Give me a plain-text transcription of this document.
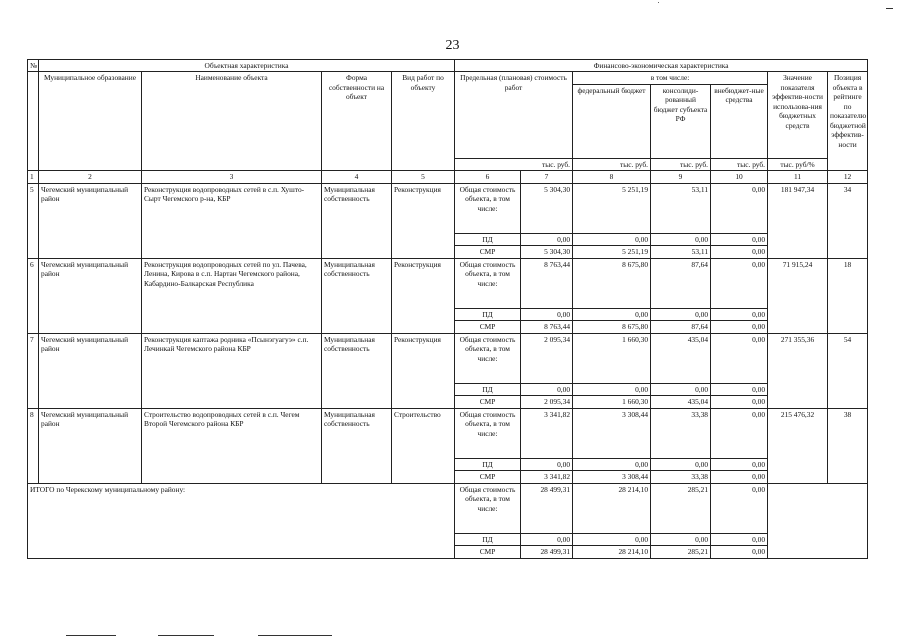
23
№	Объектная характеристика				Финансово-экономическая характеристика						
	Муниципальное образование	Наименование объекта	Форма собственности на объект	Вид работ по объекту	Предельная (плановая) стоимость работ		в том числе:			Значение показателя эффектив-ности использова-ния бюджетных средств	Позиция объекта в рейтинге по показателю бюджетной эффектив-ности
							федеральный бюджет	консолиди-рованный бюджет субъекта РФ	внебюджет-ные средства		
					тыс. руб.		тыс. руб.	тыс. руб.	тыс. руб.	тыс. руб/%	
1	2	3	4	5	6	7	8	9	10	11	12
5	Чегемский муниципальный район	Реконструкция водопроводных сетей в с.п. Хушто-Сырт Чегемского р-на, КБР	Муниципальная собственность	Реконструкция	Общая стоимость объекта, в том числе:	5 304,30	5 251,19	53,11	0,00	181 947,34	34
					ПД	0,00	0,00	0,00	0,00		
					СМР	5 304,30	5 251,19	53,11	0,00		
6	Чегемский муниципальный район	Реконструкция водопроводных сетей по ул. Пачева, Ленина, Кирова в с.п. Нартан Чегемского района, Кабардино-Балкарская Республика	Муниципальная собственность	Реконструкция	Общая стоимость объекта, в том числе:	8 763,44	8 675,80	87,64	0,00	71 915,24	18
					ПД	0,00	0,00	0,00	0,00		
					СМР	8 763,44	8 675,80	87,64	0,00		
7	Чегемский муниципальный район	Реконструкция каптажа родника «Псынэгуагуэ» с.п. Лечинкай Чегемского района КБР	Муниципальная собственность	Реконструкция	Общая стоимость объекта, в том числе:	2 095,34	1 660,30	435,04	0,00	271 355,36	54
					ПД	0,00	0,00	0,00	0,00		
					СМР	2 095,34	1 660,30	435,04	0,00		
8	Чегемский муниципальный район	Строительство водопроводных сетей в с.п. Чегем Второй Чегемского района КБР	Муниципальная собственность	Строительство	Общая стоимость объекта, в том числе:	3 341,82	3 308,44	33,38	0,00	215 476,32	38
					ПД	0,00	0,00	0,00	0,00		
					СМР	3 341,82	3 308,44	33,38	0,00		
ИТОГО по Черекскому муниципальному району:					Общая стоимость объекта, в том числе:	28 499,31	28 214,10	285,21	0,00		
					ПД	0,00	0,00	0,00	0,00		
					СМР	28 499,31	28 214,10	285,21	0,00		
